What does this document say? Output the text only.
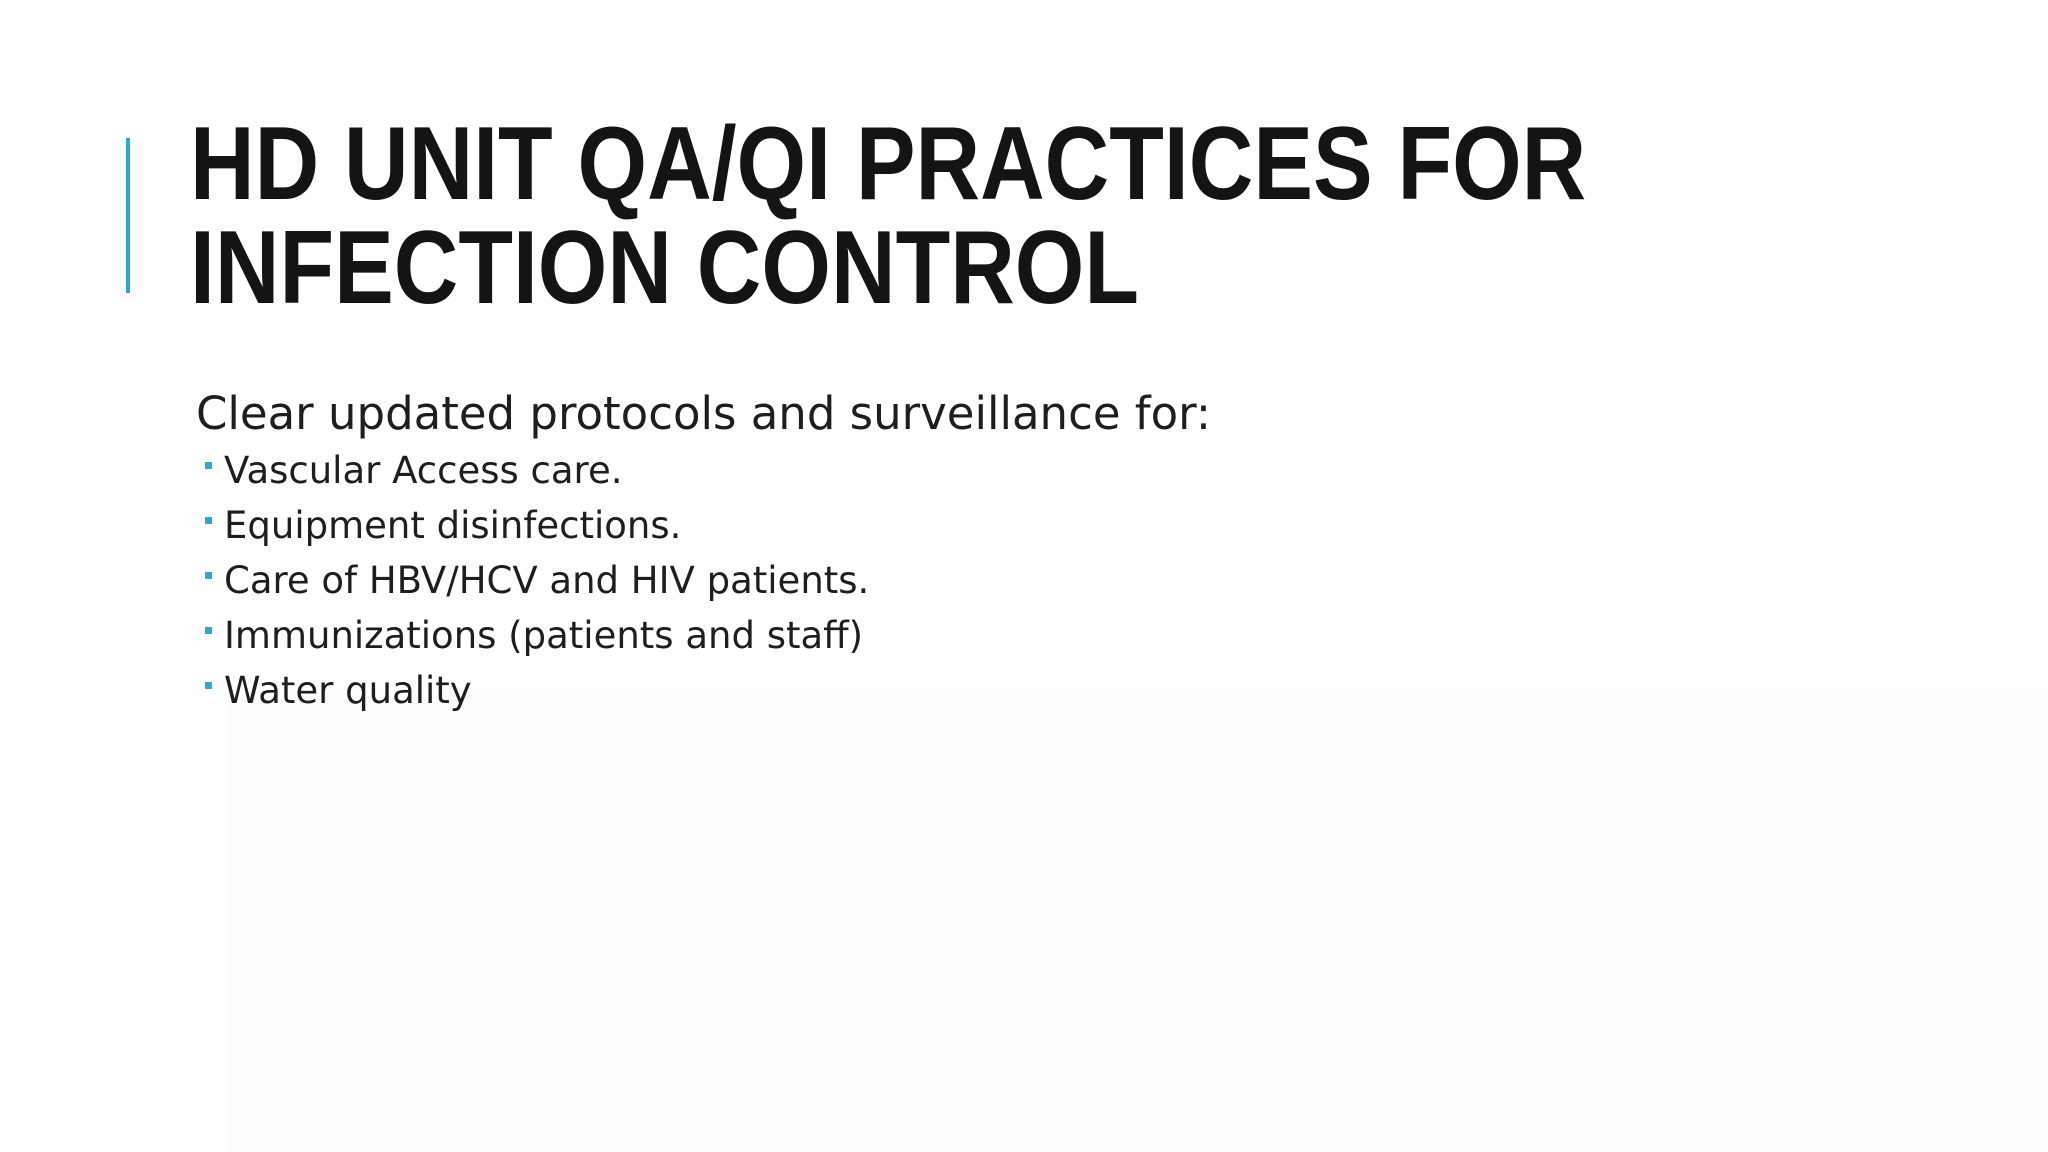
HD UNIT QA/QI PRACTICES FOR
INFECTION CONTROL

Clear updated protocols and surveillance for:

Vascular Access care.
Equipment disinfections.
Care of HBV/HCV and HIV patients.
Immunizations (patients and staff)
Water quality
